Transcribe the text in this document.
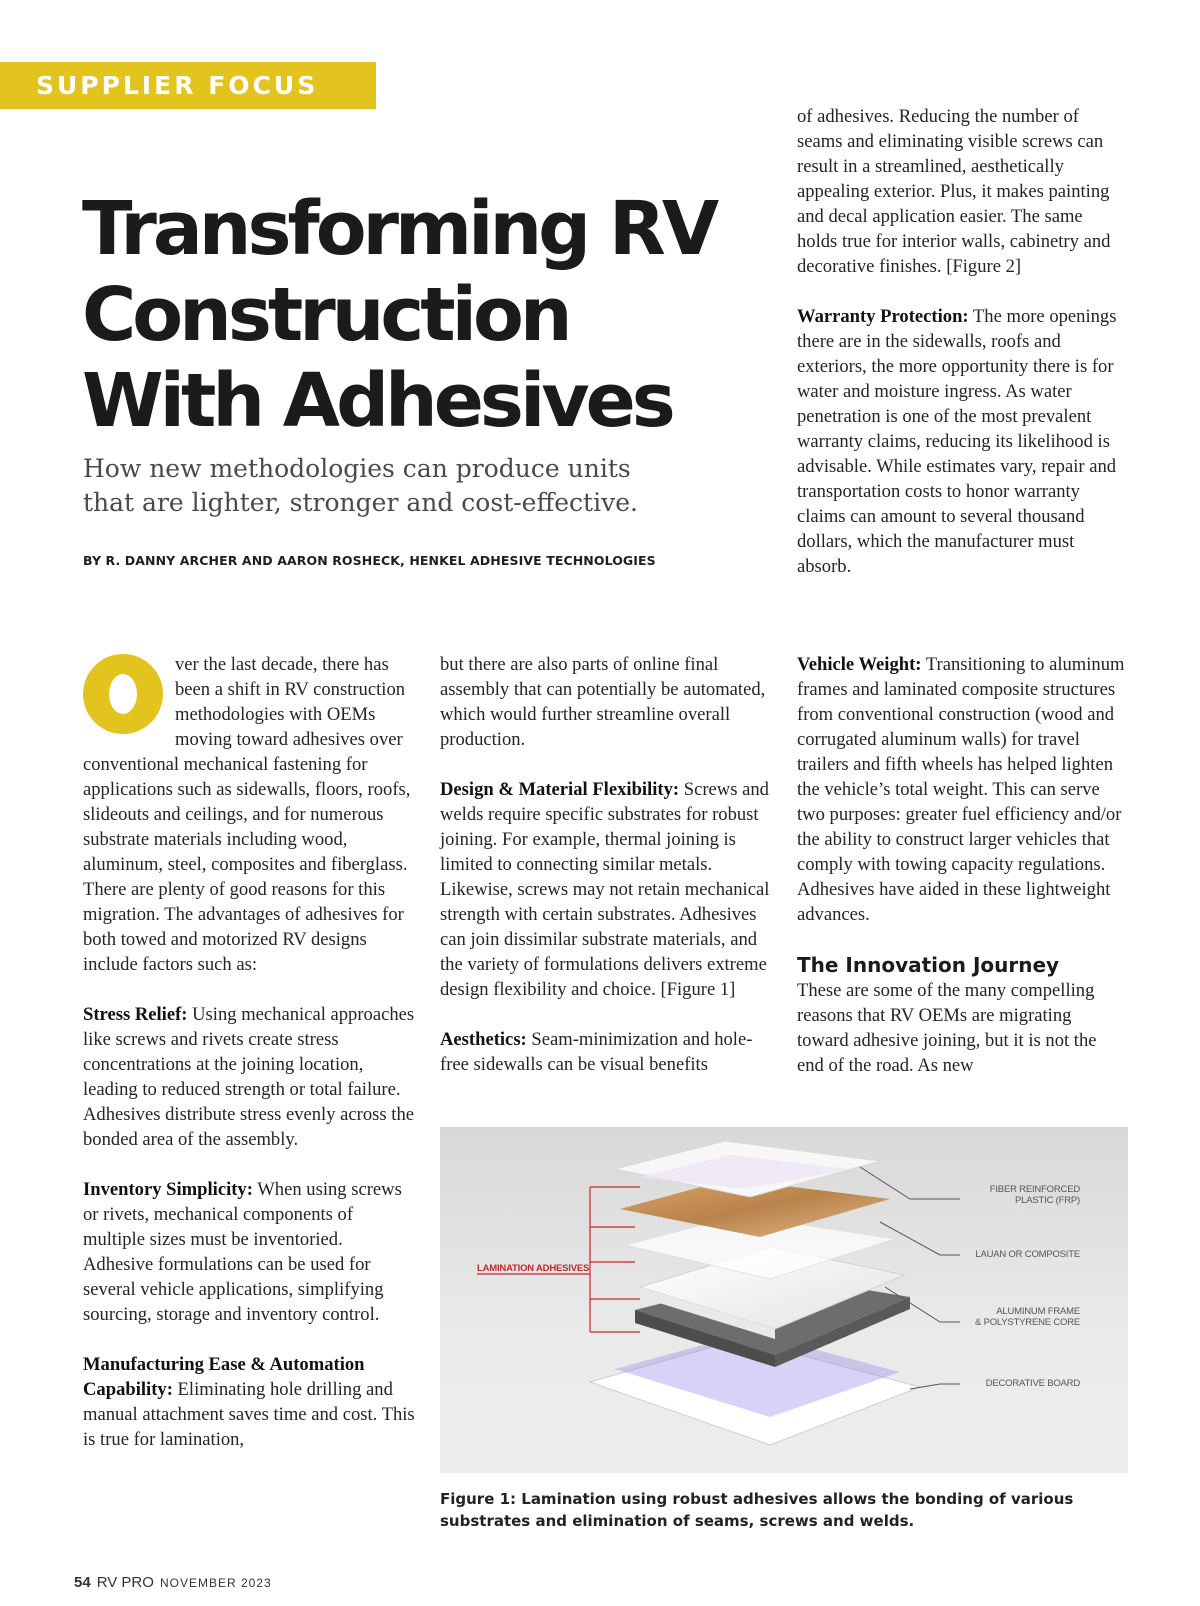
SUPPLIER FOCUS
Transforming RV Construction With Adhesives

How new methodologies can produce units that are lighter, stronger and cost-effective.

BY R. DANNY ARCHER AND AARON ROSHECK, HENKEL ADHESIVE TECHNOLOGIES

ver the last decade, there has been a shift in RV construction methodologies with OEMs moving toward adhesives over conventional mechanical fastening for applications such as sidewalls, floors, roofs, slideouts and ceilings, and for numerous substrate materials including wood, aluminum, steel, composites and fiberglass. There are plenty of good reasons for this migration. The advantages of adhesives for both towed and motorized RV designs include factors such as:

Stress Relief: Using mechanical approaches like screws and rivets create stress concentrations at the joining location, leading to reduced strength or total failure. Adhesives distribute stress evenly across the bonded area of the assembly.

Inventory Simplicity: When using screws or rivets, mechanical components of multiple sizes must be inventoried. Adhesive formulations can be used for several vehicle applications, simplifying sourcing, storage and inventory control.

Manufacturing Ease & Automation Capability: Eliminating hole drilling and manual attachment saves time and cost. This is true for lamination,

but there are also parts of online final assembly that can potentially be automated, which would further streamline overall production.

Design & Material Flexibility: Screws and welds require specific substrates for robust joining. For example, thermal joining is limited to connecting similar metals. Likewise, screws may not retain mechanical strength with certain substrates. Adhesives can join dissimilar substrate materials, and the variety of formulations delivers extreme design flexibility and choice. [Figure 1]

Aesthetics: Seam-minimization and hole-free sidewalls can be visual benefits

of adhesives. Reducing the number of seams and eliminating visible screws can result in a streamlined, aesthetically appealing exterior. Plus, it makes painting and decal application easier. The same holds true for interior walls, cabinetry and decorative finishes. [Figure 2]

Warranty Protection: The more openings there are in the sidewalls, roofs and exteriors, the more opportunity there is for water and moisture ingress. As water penetration is one of the most prevalent warranty claims, reducing its likelihood is advisable. While estimates vary, repair and transportation costs to honor warranty claims can amount to several thousand dollars, which the manufacturer must absorb.

Vehicle Weight: Transitioning to aluminum frames and laminated composite structures from conventional construction (wood and corrugated aluminum walls) for travel trailers and fifth wheels has helped lighten the vehicle’s total weight. This can serve two purposes: greater fuel efficiency and/or the ability to construct larger vehicles that comply with towing capacity regulations. Adhesives have aided in these lightweight advances.

The Innovation Journey

These are some of the many compelling reasons that RV OEMs are migrating toward adhesive joining, but it is not the end of the road. As new

LAMINATION ADHESIVES
FIBER REINFORCED
PLASTIC (FRP)
LAUAN OR COMPOSITE
ALUMINUM FRAME
& POLYSTYRENE CORE
DECORATIVE BOARD

Figure 1: Lamination using robust adhesives allows the bonding of various substrates and elimination of seams, screws and welds.

54 RV PRO NOVEMBER 2023
